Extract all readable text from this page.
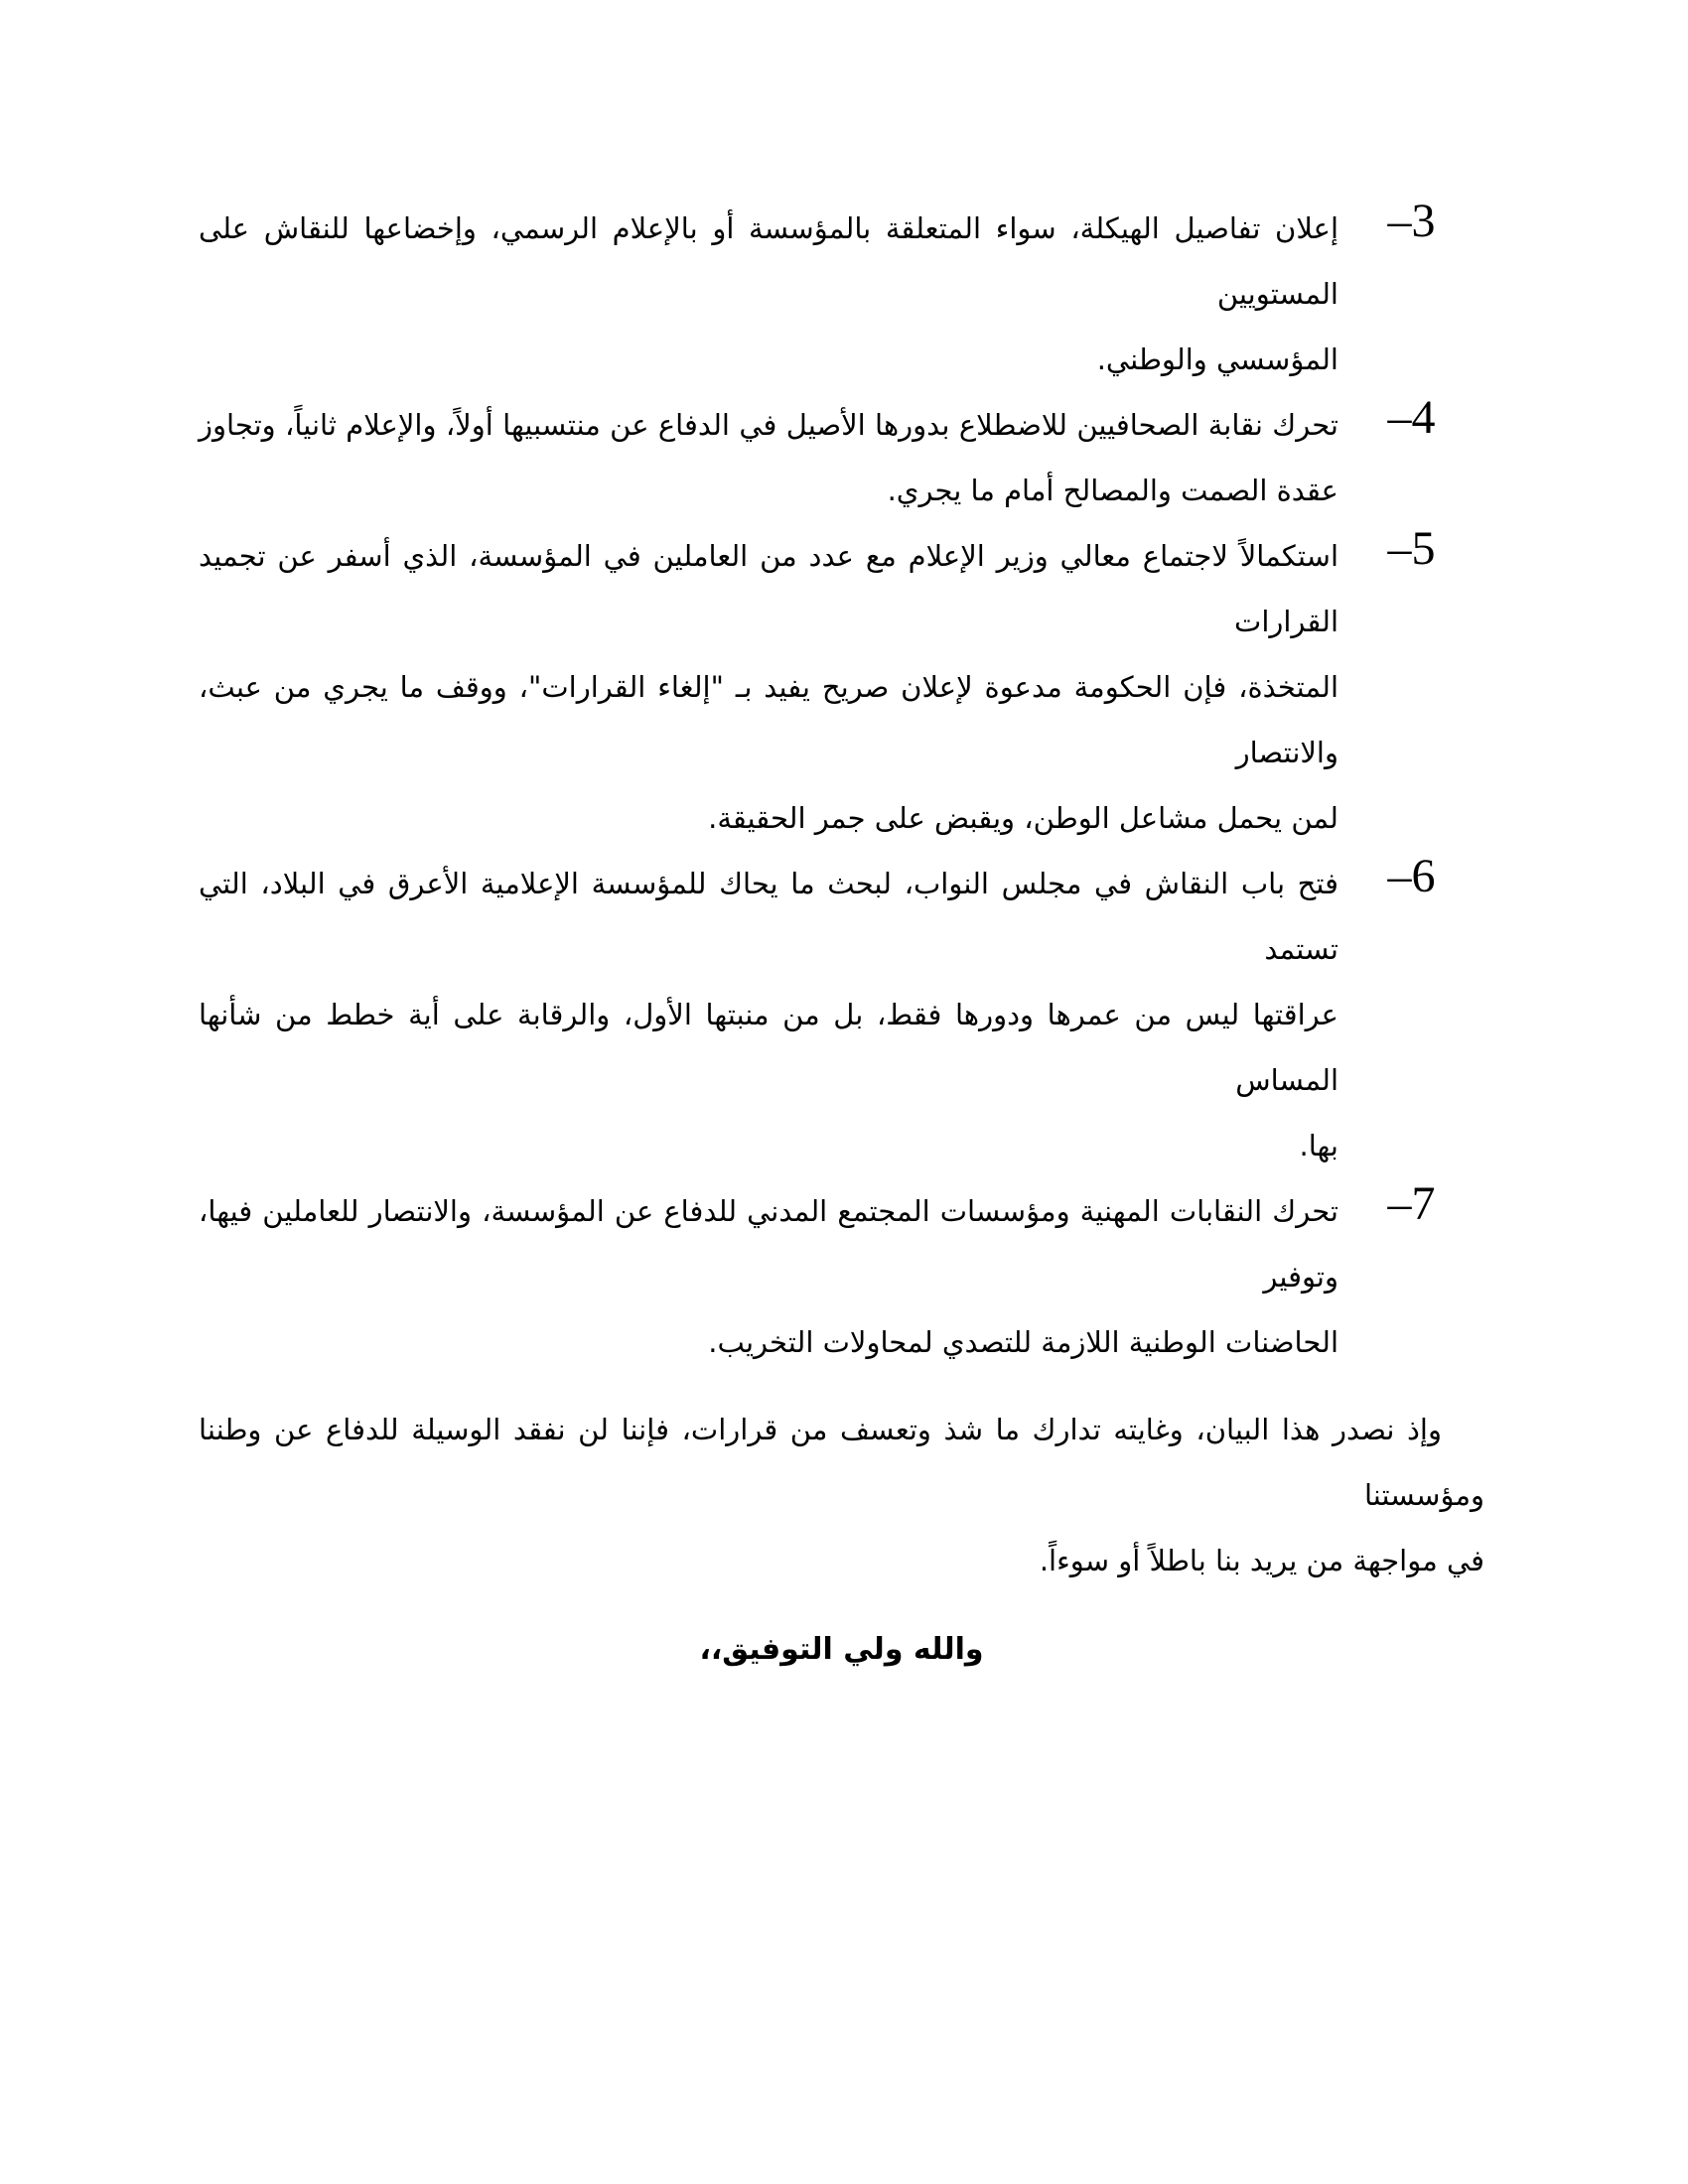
–3
إعلان تفاصيل الهيكلة، سواء المتعلقة بالمؤسسة أو بالإعلام الرسمي، وإخضاعها للنقاش على المستويين
المؤسسي والوطني.
–4
تحرك نقابة الصحافيين للاضطلاع بدورها الأصيل في الدفاع عن منتسبيها أولاً، والإعلام ثانياً، وتجاوز
عقدة الصمت والمصالح أمام ما يجري.
–5
استكمالاً لاجتماع معالي وزير الإعلام مع عدد من العاملين في المؤسسة، الذي أسفر عن تجميد القرارات
المتخذة، فإن الحكومة مدعوة لإعلان صريح يفيد بـ "إلغاء القرارات"، ووقف ما يجري من عبث، والانتصار
لمن يحمل مشاعل الوطن، ويقبض على جمر الحقيقة.
–6
فتح باب النقاش في مجلس النواب، لبحث ما يحاك للمؤسسة الإعلامية الأعرق في البلاد، التي تستمد
عراقتها ليس من عمرها ودورها فقط، بل من منبتها الأول، والرقابة على أية خطط من شأنها المساس
بها.
–7
تحرك النقابات المهنية ومؤسسات المجتمع المدني للدفاع عن المؤسسة، والانتصار للعاملين فيها، وتوفير
الحاضنات الوطنية اللازمة للتصدي لمحاولات التخريب.
وإذ نصدر هذا البيان، وغايته تدارك ما شذ وتعسف من قرارات، فإننا لن نفقد الوسيلة للدفاع عن وطننا ومؤسستنا
في مواجهة من يريد بنا باطلاً أو سوءاً.
والله ولي التوفيق،،
